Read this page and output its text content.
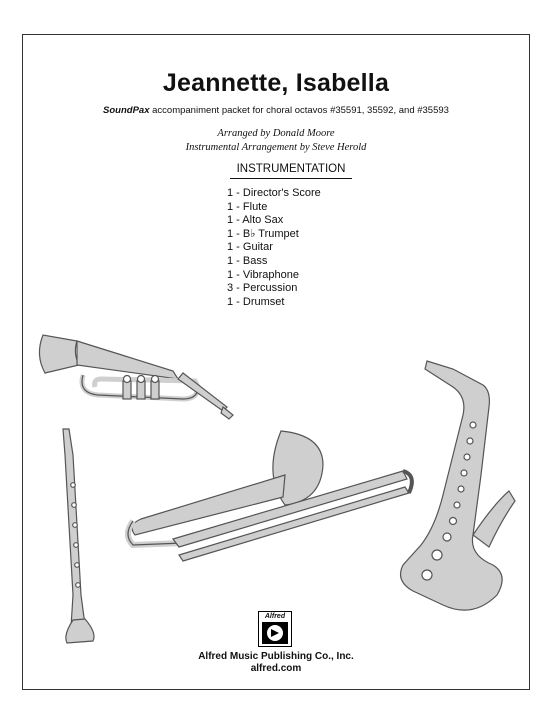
Jeannette, Isabella
SoundPax accompaniment packet for choral octavos #35591, 35592, and #35593
Arranged by Donald Moore
Instrumental Arrangement by Steve Herold
INSTRUMENTATION
1 - Director's Score
1 - Flute
1 - Alto Sax
1 - B♭ Trumpet
1 - Guitar
1 - Bass
1 - Vibraphone
3 - Percussion
1 - Drumset
Alfred
Alfred Music Publishing Co., Inc.
alfred.com
